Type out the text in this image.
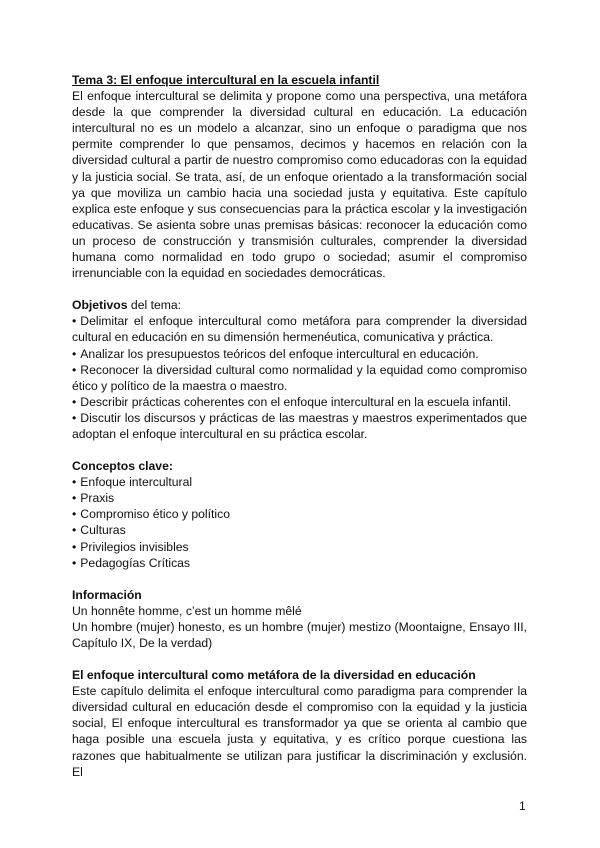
Tema 3: El enfoque intercultural en la escuela infantil

El enfoque intercultural se delimita y propone como una perspectiva, una metáfora desde la que comprender la diversidad cultural en educación. La educación intercultural no es un modelo a alcanzar, sino un enfoque o paradigma que nos permite comprender lo que pensamos, decimos y hacemos en relación con la diversidad cultural a partir de nuestro compromiso como educadoras con la equidad y la justicia social. Se trata, así, de un enfoque orientado a la transformación social ya que moviliza un cambio hacia una sociedad justa y equitativa. Este capítulo explica este enfoque y sus consecuencias para la práctica escolar y la investigación educativas. Se asienta sobre unas premisas básicas: reconocer la educación como un proceso de construcción y transmisión culturales, comprender la diversidad humana como normalidad en todo grupo o sociedad; asumir el compromiso irrenunciable con la equidad en sociedades democráticas.

Objetivos del tema:

• Delimitar el enfoque intercultural como metáfora para comprender la diversidad cultural en educación en su dimensión hermenéutica, comunicativa y práctica.
• Analizar los presupuestos teóricos del enfoque intercultural en educación.
• Reconocer la diversidad cultural como normalidad y la equidad como compromiso ético y político de la maestra o maestro.
• Describir prácticas coherentes con el enfoque intercultural en la escuela infantil.
• Discutir los discursos y prácticas de las maestras y maestros experimentados que adoptan el enfoque intercultural en su práctica escolar.

Conceptos clave:

• Enfoque intercultural
• Praxis
• Compromiso ético y político
• Culturas
• Privilegios invisibles
• Pedagogías Críticas

Información

Un honnête homme, c’est un homme mêlé

Un hombre (mujer) honesto, es un hombre (mujer) mestizo (Moontaigne, Ensayo III, Capítulo IX, De la verdad)

El enfoque intercultural como metáfora de la diversidad en educación

Este capítulo delimita el enfoque intercultural como paradigma para comprender la diversidad cultural en educación desde el compromiso con la equidad y la justicia social, El enfoque intercultural es transformador ya que se orienta al cambio que haga posible una escuela justa y equitativa, y es crítico porque cuestiona las razones que habitualmente se utilizan para justificar la discriminación y exclusión. El

1
